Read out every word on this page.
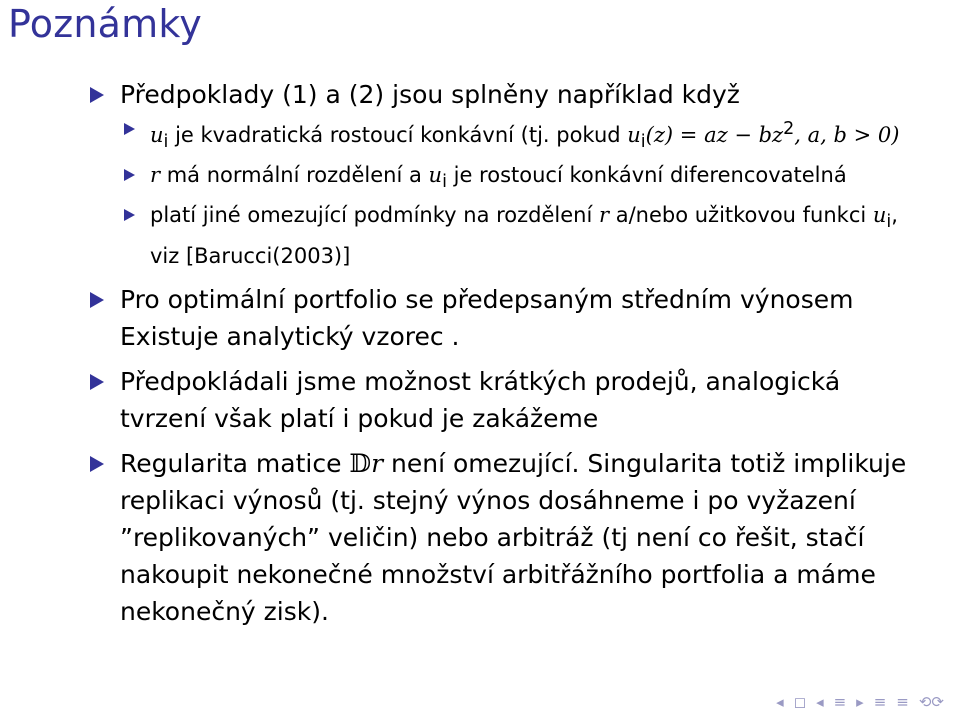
Poznámky
Předpoklady (1) a (2) jsou splněny například když
$u_i$ je kvadratická rostoucí konkávní (tj. pokud $u_i(z)$ = az − $bz^2$, a, b > 0)
r má normální rozdělení a $u_i$ je rostoucí konkávní diferencovatelná
platí jiné omezující podmínky na rozdělení r a/nebo užitkovou funkci $u_i$, viz [Barucci(2003)]
Pro optimální portfolio se předepsaným středním výnosem Existuje analytický vzorec .
Předpokládali jsme možnost krátkých prodejů, analogická tvrzení však platí i pokud je zakážeme
Regularita matice 𝔻r není omezující. Singularita totiž implikuje replikaci výnosů (tj. stejný výnos dosáhneme i po vyžazení ”replikovaných” veličin) nebo arbitráž (tj není co řešit, stačí nakoupit nekonečné množství arbitřážního portfolia a máme nekonečný zisk).
◂ ◻ ◂ ≡ ▸ ≡ ≡ ⟲⟳
